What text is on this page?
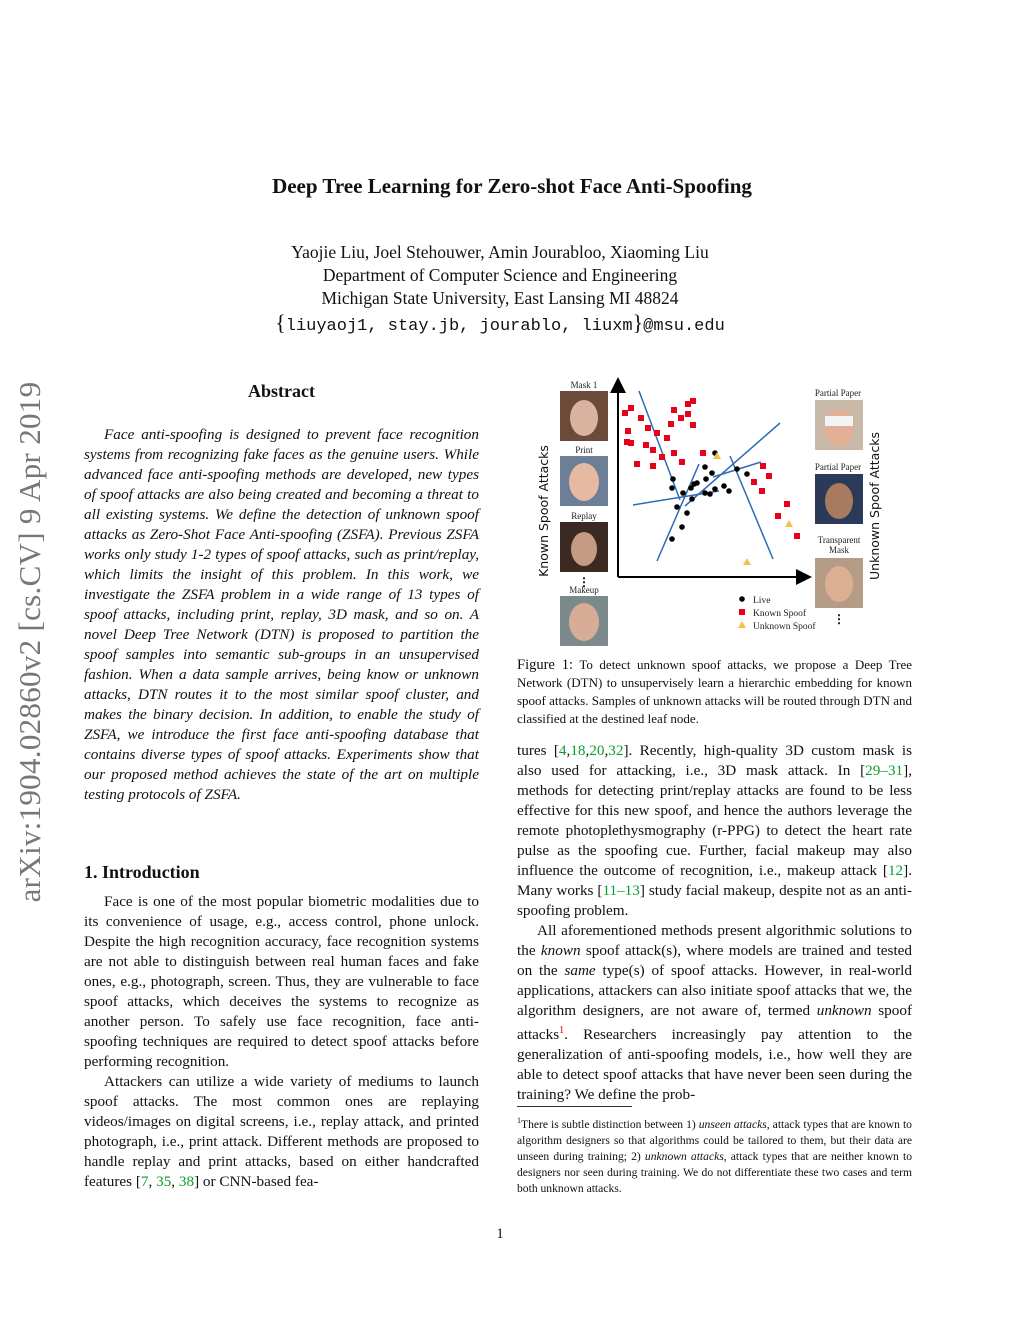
arXiv:1904.02860v2 [cs.CV] 9 Apr 2019
Deep Tree Learning for Zero-shot Face Anti-Spoofing
Yaojie Liu, Joel Stehouwer, Amin Jourabloo, Xiaoming Liu
Department of Computer Science and Engineering
Michigan State University, East Lansing MI 48824
{liuyaoj1, stay.jb, jourablo, liuxm}@msu.edu
Abstract

Face anti-spoofing is designed to prevent face recognition systems from recognizing fake faces as the genuine users. While advanced face anti-spoofing methods are developed, new types of spoof attacks are also being created and becoming a threat to all existing systems. We define the detection of unknown spoof attacks as Zero-Shot Face Anti-spoofing (ZSFA). Previous ZSFA works only study 1-2 types of spoof attacks, such as print/replay, which limits the insight of this problem. In this work, we investigate the ZSFA problem in a wide range of 13 types of spoof attacks, including print, replay, 3D mask, and so on. A novel Deep Tree Network (DTN) is proposed to partition the spoof samples into semantic sub-groups in an unsupervised fashion. When a data sample arrives, being know or unknown attacks, DTN routes it to the most similar spoof cluster, and makes the binary decision. In addition, to enable the study of ZSFA, we introduce the first face anti-spoofing database that contains diverse types of spoof attacks. Experiments show that our proposed method achieves the state of the art on multiple testing protocols of ZSFA.

1. Introduction

Face is one of the most popular biometric modalities due to its convenience of usage, e.g., access control, phone unlock. Despite the high recognition accuracy, face recognition systems are not able to distinguish between real human faces and fake ones, e.g., photograph, screen. Thus, they are vulnerable to face spoof attacks, which deceives the systems to recognize as another person. To safely use face recognition, face anti-spoofing techniques are required to detect spoof attacks before performing recognition.

Attackers can utilize a wide variety of mediums to launch spoof attacks. The most common ones are replaying videos/images on digital screens, i.e., replay attack, and printed photograph, i.e., print attack. Different methods are proposed to handle replay and print attacks, based on either handcrafted features [7, 35, 38] or CNN-based fea-

Known Spoof Attacks	Unknown Spoof Attacks
Mask 1
Print
Replay
⋮
Makeup
Partial Paper
Partial Paper
Transparent
Mask
⋮
Live
Known Spoof
Unknown Spoof
Figure 1: To detect unknown spoof attacks, we propose a Deep Tree Network (DTN) to unsupervisely learn a hierarchic embedding for known spoof attacks. Samples of unknown attacks will be routed through DTN and classified at the destined leaf node.

tures [4,18,20,32]. Recently, high-quality 3D custom mask is also used for attacking, i.e., 3D mask attack. In [29–31], methods for detecting print/replay attacks are found to be less effective for this new spoof, and hence the authors leverage the remote photoplethysmography (r-PPG) to detect the heart rate pulse as the spoofing cue. Further, facial makeup may also influence the outcome of recognition, i.e., makeup attack [12]. Many works [11–13] study facial makeup, despite not as an anti-spoofing problem.

All aforementioned methods present algorithmic solutions to the known spoof attack(s), where models are trained and tested on the same type(s) of spoof attacks. However, in real-world applications, attackers can also initiate spoof attacks that we, the algorithm designers, are not aware of, termed unknown spoof attacks$^1$. Researchers increasingly pay attention to the generalization of anti-spoofing models, i.e., how well they are able to detect spoof attacks that have never been seen during the training? We define the prob-

$^1$There is subtle distinction between 1) unseen attacks, attack types that are known to algorithm designers so that algorithms could be tailored to them, but their data are unseen during training; 2) unknown attacks, attack types that are neither known to designers nor seen during training. We do not differentiate these two cases and term both unknown attacks.
1
